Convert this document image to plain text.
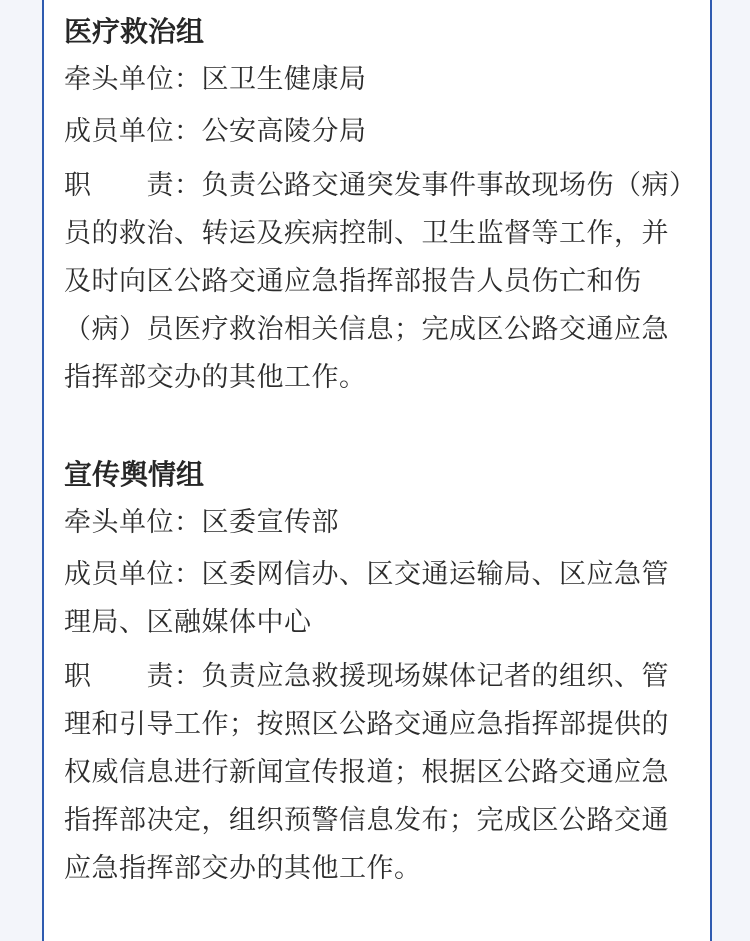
医疗救治组

牵头单位：区卫生健康局

成员单位：公安高陵分局

职　　责：负责公路交通突发事件事故现场伤（病）员的救治、转运及疾病控制、卫生监督等工作，并及时向区公路交通应急指挥部报告人员伤亡和伤（病）员医疗救治相关信息；完成区公路交通应急指挥部交办的其他工作。

宣传舆情组

牵头单位：区委宣传部

成员单位：区委网信办、区交通运输局、区应急管理局、区融媒体中心

职　　责：负责应急救援现场媒体记者的组织、管理和引导工作；按照区公路交通应急指挥部提供的权威信息进行新闻宣传报道；根据区公路交通应急指挥部决定，组织预警信息发布；完成区公路交通应急指挥部交办的其他工作。
